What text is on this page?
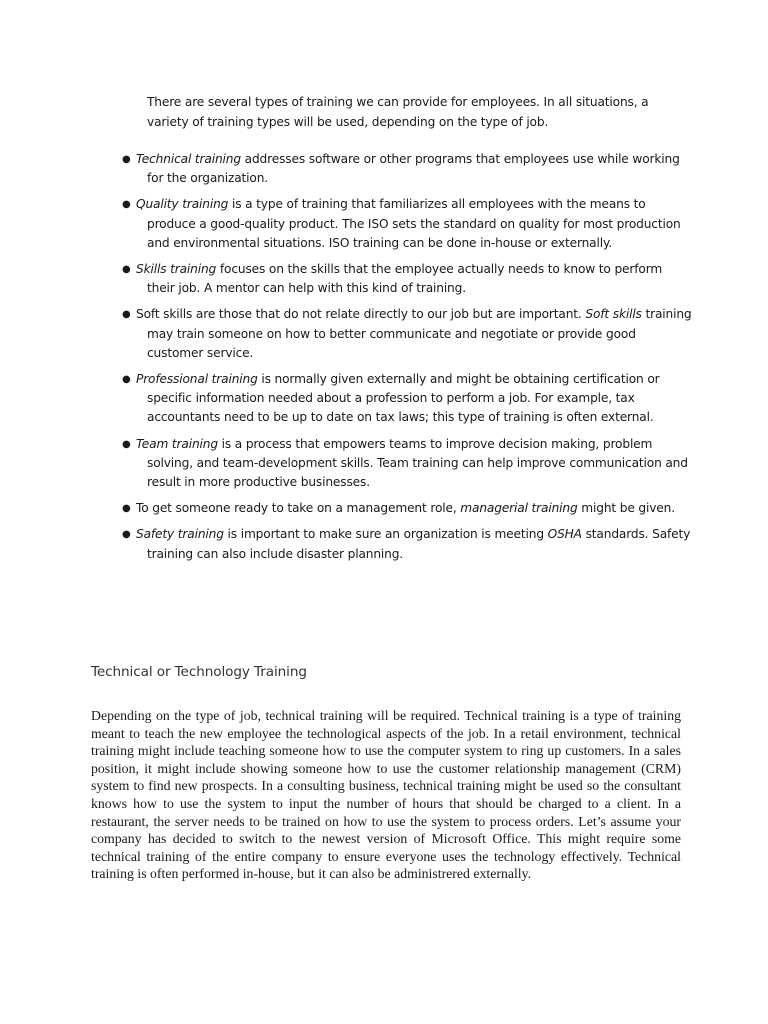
There are several types of training we can provide for employees. In all situations, a variety of training types will be used, depending on the type of job.

● Technical training addresses software or other programs that employees use while working for the organization.
● Quality training is a type of training that familiarizes all employees with the means to produce a good-quality product. The ISO sets the standard on quality for most production and environmental situations. ISO training can be done in-house or externally.
● Skills training focuses on the skills that the employee actually needs to know to perform their job. A mentor can help with this kind of training.
● Soft skills are those that do not relate directly to our job but are important. Soft skills training may train someone on how to better communicate and negotiate or provide good customer service.
● Professional training is normally given externally and might be obtaining certification or specific information needed about a profession to perform a job. For example, tax accountants need to be up to date on tax laws; this type of training is often external.
● Team training is a process that empowers teams to improve decision making, problem solving, and team-development skills. Team training can help improve communication and result in more productive businesses.
● To get someone ready to take on a management role, managerial training might be given.
● Safety training is important to make sure an organization is meeting OSHA standards. Safety training can also include disaster planning.
Technical or Technology Training

Depending on the type of job, technical training will be required. Technical training is a type of training meant to teach the new employee the technological aspects of the job. In a retail environment, technical training might include teaching someone how to use the computer system to ring up customers. In a sales position, it might include showing someone how to use the customer relationship management (CRM) system to find new prospects. In a consulting business, technical training might be used so the consultant knows how to use the system to input the number of hours that should be charged to a client. In a restaurant, the server needs to be trained on how to use the system to process orders. Let’s assume your company has decided to switch to the newest version of Microsoft Office. This might require some technical training of the entire company to ensure everyone uses the technology effectively. Technical training is often performed in-house, but it can also be administrered externally.
